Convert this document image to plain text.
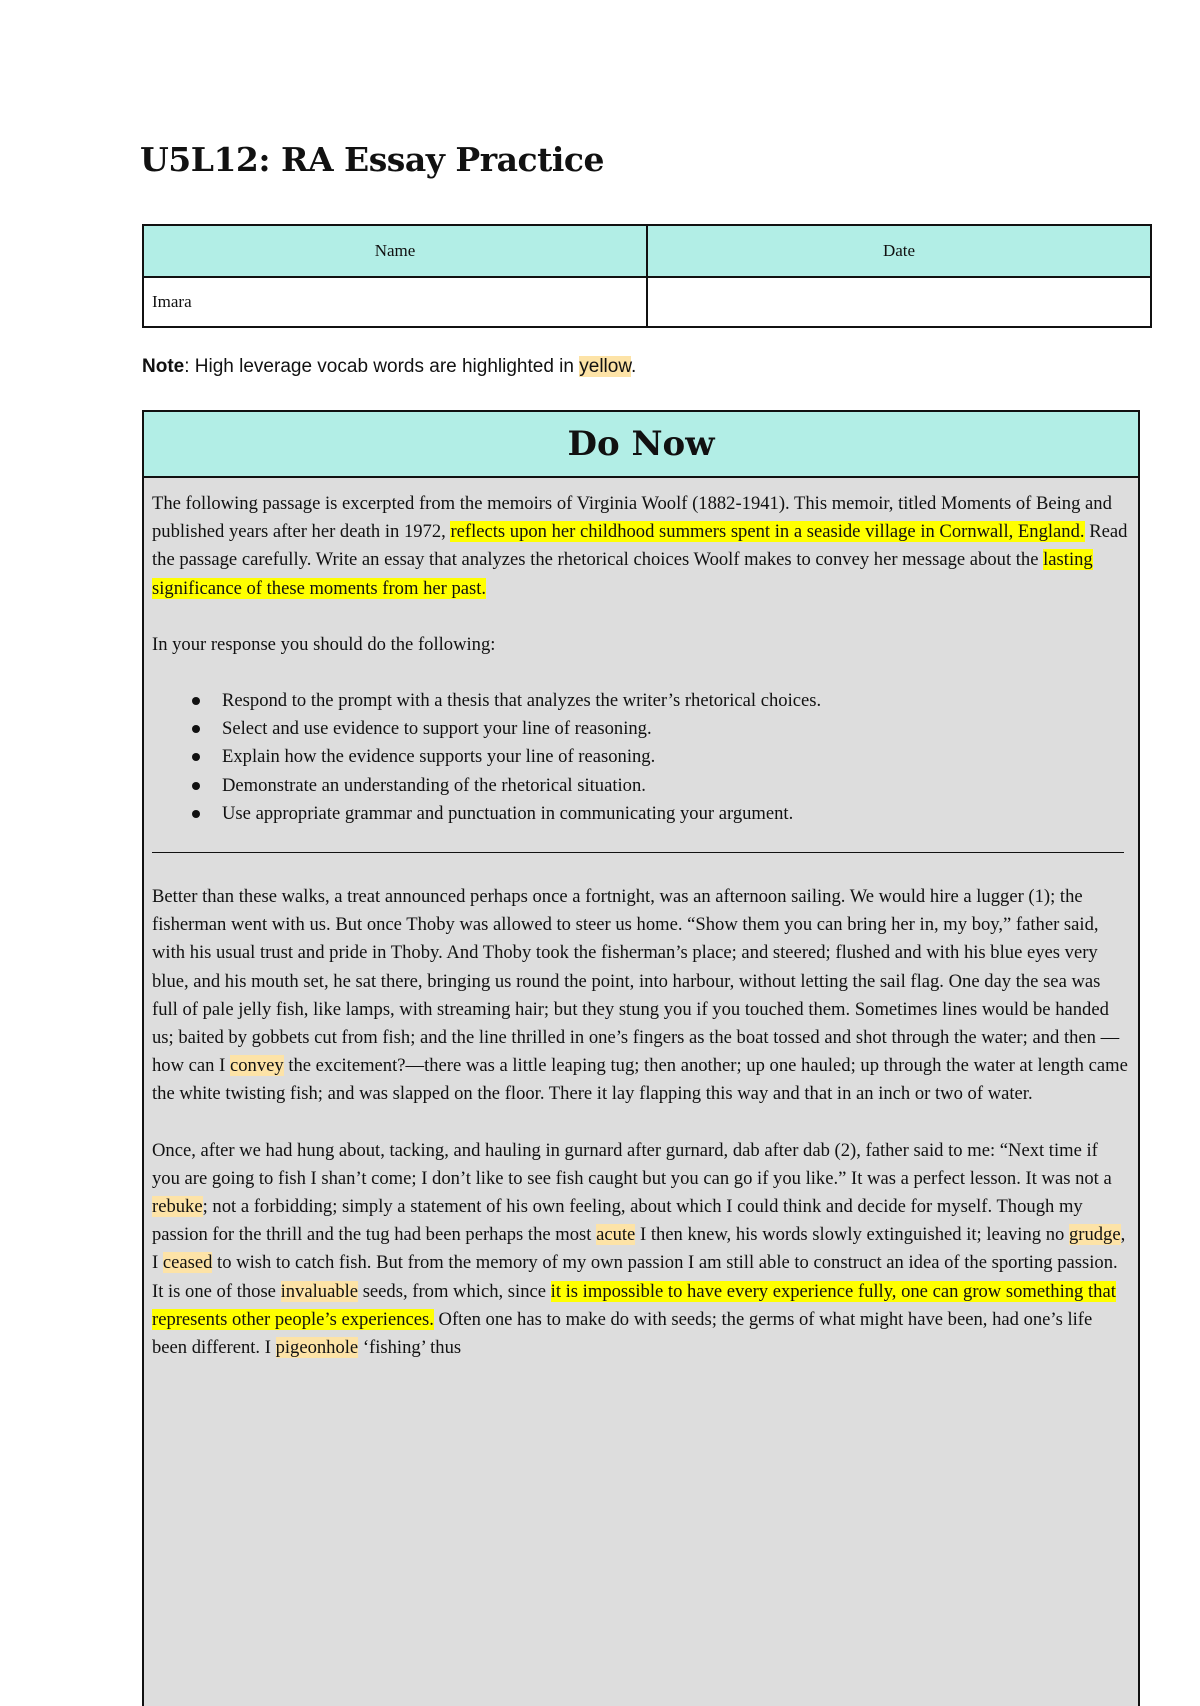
U5L12: RA Essay Practice
Name	Date
Imara	
Note: High leverage vocab words are highlighted in yellow.
Do Now

The following passage is excerpted from the memoirs of Virginia Woolf (1882-1941). This memoir, titled Moments of Being and published years after her death in 1972, reflects upon her childhood summers spent in a seaside village in Cornwall, England. Read the passage carefully. Write an essay that analyzes the rhetorical choices Woolf makes to convey her message about the lasting significance of these moments from her past.

In your response you should do the following:

Respond to the prompt with a thesis that analyzes the writer’s rhetorical choices.
Select and use evidence to support your line of reasoning.
Explain how the evidence supports your line of reasoning.
Demonstrate an understanding of the rhetorical situation.
Use appropriate grammar and punctuation in communicating your argument.

Better than these walks, a treat announced perhaps once a fortnight, was an afternoon sailing. We would hire a lugger (1); the fisherman went with us. But once Thoby was allowed to steer us home. “Show them you can bring her in, my boy,” father said, with his usual trust and pride in Thoby. And Thoby took the fisherman’s place; and steered; flushed and with his blue eyes very blue, and his mouth set, he sat there, bringing us round the point, into harbour, without letting the sail flag. One day the sea was full of pale jelly fish, like lamps, with streaming hair; but they stung you if you touched them. Sometimes lines would be handed us; baited by gobbets cut from fish; and the line thrilled in one’s fingers as the boat tossed and shot through the water; and then —how can I convey the excitement?—there was a little leaping tug; then another; up one hauled; up through the water at length came the white twisting fish; and was slapped on the floor. There it lay flapping this way and that in an inch or two of water.

Once, after we had hung about, tacking, and hauling in gurnard after gurnard, dab after dab (2), father said to me: “Next time if you are going to fish I shan’t come; I don’t like to see fish caught but you can go if you like.” It was a perfect lesson. It was not a rebuke; not a forbidding; simply a statement of his own feeling, about which I could think and decide for myself. Though my passion for the thrill and the tug had been perhaps the most acute I then knew, his words slowly extinguished it; leaving no grudge, I ceased to wish to catch fish. But from the memory of my own passion I am still able to construct an idea of the sporting passion. It is one of those invaluable seeds, from which, since it is impossible to have every experience fully, one can grow something that represents other people’s experiences. Often one has to make do with seeds; the germs of what might have been, had one’s life been different. I pigeonhole ‘fishing’ thus
